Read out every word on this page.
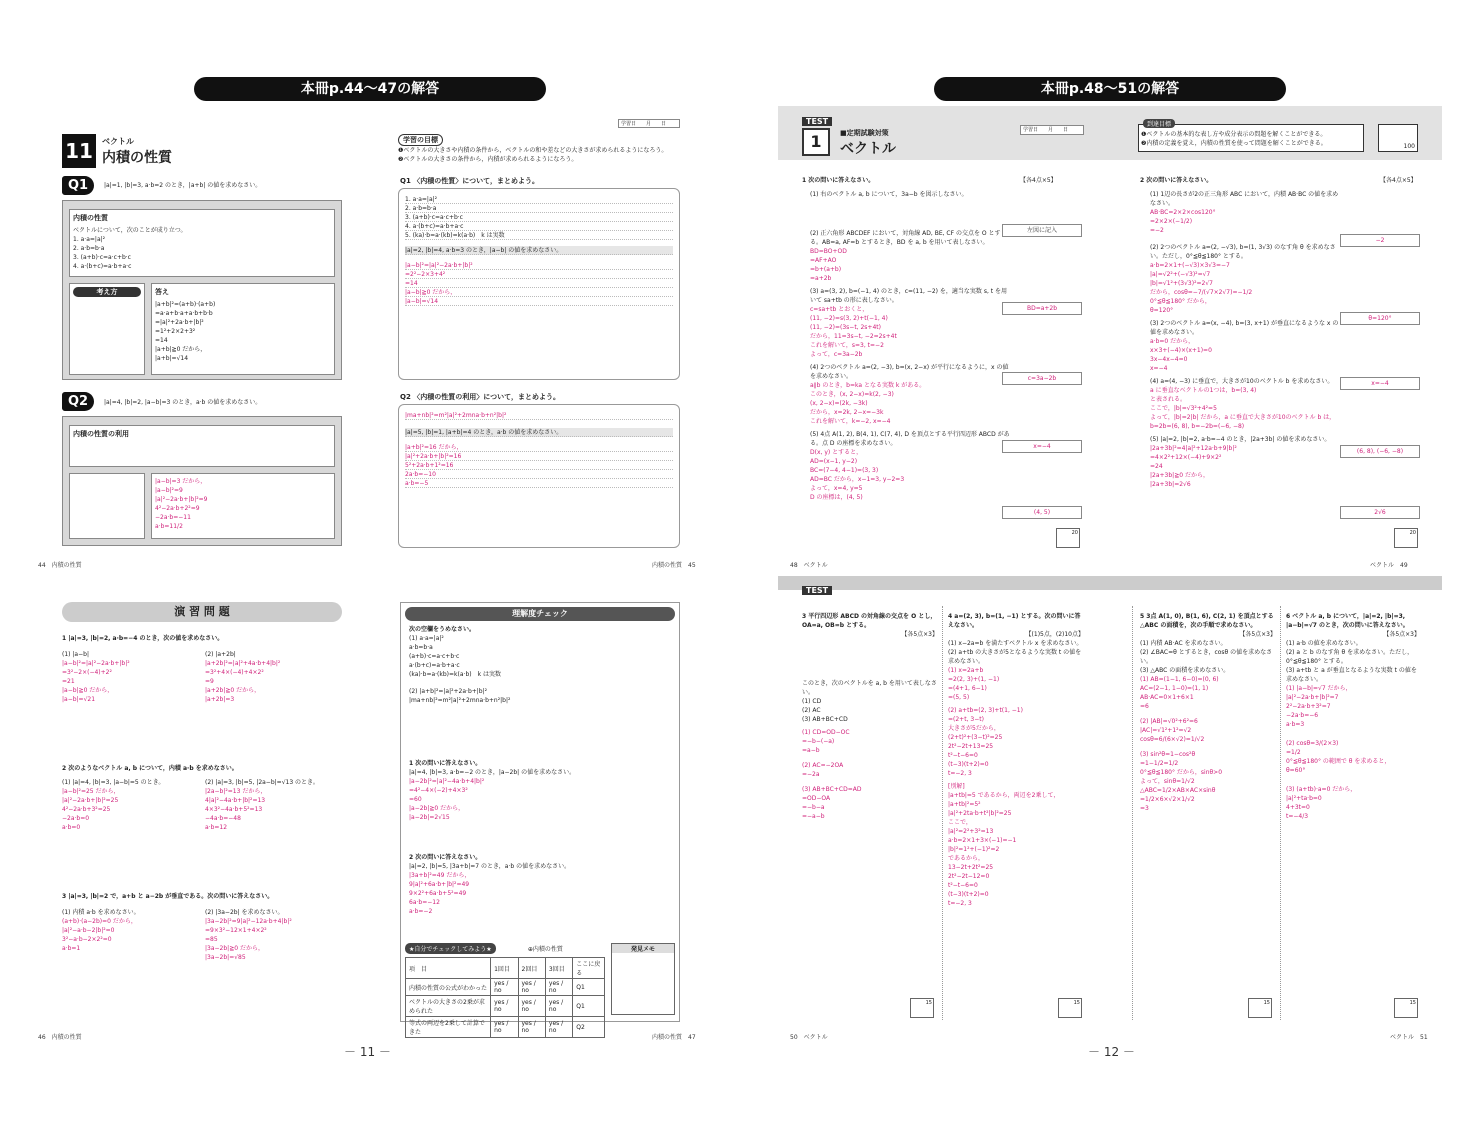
本冊p.44～47の解答
11	ベクトル
内積の性質
学習日　　月　　日
学習の目標
❶ベクトルの大きさや内積の条件から，ベクトルの和や差などの大きさが求められるようになろう。
❷ベクトルの大きさの条件から，内積が求められるようになろう。
Q1	|a|=1, |b|=3, a·b=2 のとき，|a+b| の値を求めなさい。
内積の性質
ベクトルについて，次のことが成り立つ。
1. a·a=|a|²
2. a·b=b·a
3. (a+b)·c=a·c+b·c
4. a·(b+c)=a·b+a·c
考え方	答え
|a+b|²=(a+b)·(a+b)
=a·a+b·a+a·b+b·b
=|a|²+2a·b+|b|²
=1²+2×2+3²
=14
|a+b|≧0 だから，
|a+b|=√14
Q2	|a|=4, |b|=2, |a−b|=3 のとき，a·b の値を求めなさい。
内積の性質の利用
|a−b|=3 だから，
|a−b|²=9
|a|²−2a·b+|b|²=9
4²−2a·b+2²=9
−2a·b=−11
a·b=11/2
Q1 〈内積の性質〉について，まとめよう。
1. a·a=|a|²
2. a·b=b·a
3. (a+b)·c=a·c+b·c
4. a·(b+c)=a·b+a·c
5. (ka)·b=a·(kb)=k(a·b)　k は実数
|a|=2, |b|=4, a·b=3 のとき，|a−b| の値を求めなさい。
|a−b|²=|a|²−2a·b+|b|²
=2²−2×3+4²
=14
|a−b|≧0 だから，
|a−b|=√14
Q2 〈内積の性質の利用〉について，まとめよう。
|ma+nb|²=m²|a|²+2mna·b+n²|b|²
|a|=5, |b|=1, |a+b|=4 のとき，a·b の値を求めなさい。
|a+b|²=16 だから，
|a|²+2a·b+|b|²=16
5²+2a·b+1²=16
2a·b=−10
a·b=−5
44　内積の性質	内積の性質　45
演 習 問 題
1 |a|=3, |b|=2, a·b=−4 のとき，次の値を求めなさい。
(1) |a−b|
|a−b|²=|a|²−2a·b+|b|²
=3²−2×(−4)+2²
=21
|a−b|≧0 だから，
|a−b|=√21
(2) |a+2b|
|a+2b|²=|a|²+4a·b+4|b|²
=3²+4×(−4)+4×2²
=9
|a+2b|≧0 だから，
|a+2b|=3
2 次のようなベクトル a, b について，内積 a·b を求めなさい。
(1) |a|=4, |b|=3, |a−b|=5 のとき。
|a−b|²=25 だから，
|a|²−2a·b+|b|²=25
4²−2a·b+3²=25
−2a·b=0
a·b=0
(2) |a|=3, |b|=5, |2a−b|=√13 のとき。
|2a−b|²=13 だから，
4|a|²−4a·b+|b|²=13
4×3²−4a·b+5²=13
−4a·b=−48
a·b=12
3 |a|=3, |b|=2 で，a+b と a−2b が垂直である。次の問いに答えなさい。
(1) 内積 a·b を求めなさい。
(a+b)·(a−2b)=0 だから，
|a|²−a·b−2|b|²=0
3²−a·b−2×2²=0
a·b=1
(2) |3a−2b| を求めなさい。
|3a−2b|²=9|a|²−12a·b+4|b|²
=9×3²−12×1+4×2²
=85
|3a−2b|≧0 だから，
|3a−2b|=√85
理解度チェック
次の空欄をうめなさい。
(1) a·a=|a|²
a·b=b·a
(a+b)·c=a·c+b·c
a·(b+c)=a·b+a·c
(ka)·b=a·(kb)=k(a·b)　k は実数
(2) |a+b|²=|a|²+2a·b+|b|²
|ma+nb|²=m²|a|²+2mna·b+n²|b|²
1 次の問いに答えなさい。
|a|=4, |b|=3, a·b=−2 のとき，|a−2b| の値を求めなさい。
|a−2b|²=|a|²−4a·b+4|b|²
=4²−4×(−2)+4×3²
=60
|a−2b|≧0 だから，
|a−2b|=2√15
2 次の問いに答えなさい。
|a|=2, |b|=5, |3a+b|=7 のとき，a·b の値を求めなさい。
|3a+b|²=49 だから，
9|a|²+6a·b+|b|²=49
9×2²+6a·b+5²=49
6a·b=−12
a·b=−2
★自分でチェックしてみよう★	⊕内積の性質
項　目	1回目	2回目	3回目	ここに戻る
内積の性質の公式がわかった	yes / no	yes / no	yes / no	Q1
ベクトルの大きさの2乗が求められた	yes / no	yes / no	yes / no	Q1
等式の両辺を2乗して計算できた	yes / no	yes / no	yes / no	Q2
発見メモ
46　内積の性質	内積の性質　47
－ 11 －
本冊p.48～51の解答
TEST
1	■定期試験対策
ベクトル
学習日　　月　　日
到達目標
❶ベクトルの基本的な表し方や成分表示の問題を解くことができる。
❷内積の定義を覚え，内積の性質を使って問題を解くことができる。	100
1 次の問いに答えなさい。	【各4点×5】
(1) 右のベクトル a, b について，3a−b を図示しなさい。
(2) 正六角形 ABCDEF において，対角線 AD, BE, CF の交点を O とする。AB=a, AF=b とするとき，BD を a, b を用いて表しなさい。
BD=BO+OD
=AF+AO
=b+(a+b)
=a+2b
(3) a=(3, 2), b=(−1, 4) のとき，c=(11, −2) を，適当な実数 s, t を用いて sa+tb の形に表しなさい。
c=sa+tb とおくと，
(11, −2)=s(3, 2)+t(−1, 4)
(11, −2)=(3s−t, 2s+4t)
だから，11=3s−t, −2=2s+4t
これを解いて，s=3, t=−2
よって，c=3a−2b
(4) 2つのベクトル a=(2, −3), b=(x, 2−x) が平行になるように，x の値を求めなさい。
a∥b のとき，b=ka となる実数 k がある。
このとき，(x, 2−x)=k(2, −3)
(x, 2−x)=(2k, −3k)
だから，x=2k, 2−x=−3k
これを解いて，k=−2, x=−4
(5) 4点 A(1, 2), B(4, 1), C(7, 4), D を頂点とする平行四辺形 ABCD がある。点 D の座標を求めなさい。
D(x, y) とすると，
AD=(x−1, y−2)
BC=(7−4, 4−1)=(3, 3)
AD=BC だから，x−1=3, y−2=3
よって，x=4, y=5
D の座標は，(4, 5)
左図に記入
BD=a+2b
c=3a−2b
x=−4
(4, 5)
20
2 次の問いに答えなさい。	【各4点×5】
(1) 1辺の長さが2の正三角形 ABC において，内積 AB·BC の値を求めなさい。
AB·BC=2×2×cos120°
=2×2×(−1/2)
=−2
(2) 2つのベクトル a=(2, −√3), b=(1, 3√3) のなす角 θ を求めなさい。ただし，0°≦θ≦180° とする。
a·b=2×1+(−√3)×3√3=−7
|a|=√2²+(−√3)²=√7
|b|=√1²+(3√3)²=2√7
だから，cosθ=−7/(√7×2√7)=−1/2
0°≦θ≦180° だから，
θ=120°
(3) 2つのベクトル a=(x, −4), b=(3, x+1) が垂直になるような x の値を求めなさい。
a·b=0 だから，
x×3+(−4)×(x+1)=0
3x−4x−4=0
x=−4
(4) a=(4, −3) に垂直で，大きさが10のベクトル b を求めなさい。
a に垂直なベクトルの1つは，b=(3, 4)
と表される。
ここで，|b|=√3²+4²=5
よって，|b|=2|b| だから，a に垂直で大きさが10のベクトル b は，
b=2b=(6, 8), b=−2b=(−6, −8)
(5) |a|=2, |b|=2, a·b=−4 のとき，|2a+3b| の値を求めなさい。
|2a+3b|²=4|a|²+12a·b+9|b|²
=4×2²+12×(−4)+9×2²
=24
|2a+3b|≧0 だから，
|2a+3b|=2√6
−2
θ=120°
x=−4
(6, 8), (−6, −8)
2√6
20
48　ベクトル	ベクトル　49
TEST
3 平行四辺形 ABCD の対角線の交点を O とし，OA=a, OB=b とする。
【各5点×3】
このとき，次のベクトルを a, b を用いて表しなさい。
(1) CD
(2) AC
(3) AB+BC+CD
(1) CD=OD−OC
=−b−(−a)
=a−b
(2) AC=−2OA
=−2a
(3) AB+BC+CD=AD
=OD−OA
=−b−a
=−a−b
15
4 a=(2, 3), b=(1, −1) とする。次の問いに答えなさい。
【(1)5点，(2)10点】
(1) x−2a=b を満たすベクトル x を求めなさい。
(2) a+tb の大きさが5となるような実数 t の値を求めなさい。
(1) x=2a+b
=2(2, 3)+(1, −1)
=(4+1, 6−1)
=(5, 5)
(2) a+tb=(2, 3)+t(1, −1)
=(2+t, 3−t)
大きさが5だから，
(2+t)²+(3−t)²=25
2t²−2t+13=25
t²−t−6=0
(t−3)(t+2)=0
t=−2, 3
[別解]
|a+tb|=5 であるから，両辺を2乗して，
|a+tb|²=5²
|a|²+2ta·b+t²|b|²=25
ここで，
|a|²=2²+3²=13
a·b=2×1+3×(−1)=−1
|b|²=1²+(−1)²=2
であるから，
13−2t+2t²=25
2t²−2t−12=0
t²−t−6=0
(t−3)(t+2)=0
t=−2, 3
15
5 3点 A(1, 0), B(1, 6), C(2, 1) を頂点とする △ABC の面積を，次の手順で求めなさい。
【各5点×3】
(1) 内積 AB·AC を求めなさい。
(2) ∠BAC=θ とするとき，cosθ の値を求めなさい。
(3) △ABC の面積を求めなさい。
(1) AB=(1−1, 6−0)=(0, 6)
AC=(2−1, 1−0)=(1, 1)
AB·AC=0×1+6×1
=6
(2) |AB|=√0²+6²=6
|AC|=√1²+1²=√2
cosθ=6/(6×√2)=1/√2
(3) sin²θ=1−cos²θ
=1−1/2=1/2
0°≦θ≦180° だから，sinθ>0
よって，sinθ=1/√2
△ABC=1/2×AB×AC×sinθ
=1/2×6×√2×1/√2
=3
15
6 ベクトル a, b について，|a|=2, |b|=3, |a−b|=√7 のとき，次の問いに答えなさい。
【各5点×3】
(1) a·b の値を求めなさい。
(2) a と b のなす角 θ を求めなさい。ただし，0°≦θ≦180° とする。
(3) a+tb と a が垂直となるような実数 t の値を求めなさい。
(1) |a−b|=√7 だから，
|a|²−2a·b+|b|²=7
2²−2a·b+3²=7
−2a·b=−6
a·b=3
(2) cosθ=3/(2×3)
=1/2
0°≦θ≦180° の範囲で θ を求めると，
θ=60°
(3) (a+tb)·a=0 だから，
|a|²+ta·b=0
4+3t=0
t=−4/3
15
50　ベクトル	ベクトル　51
－ 12 －
